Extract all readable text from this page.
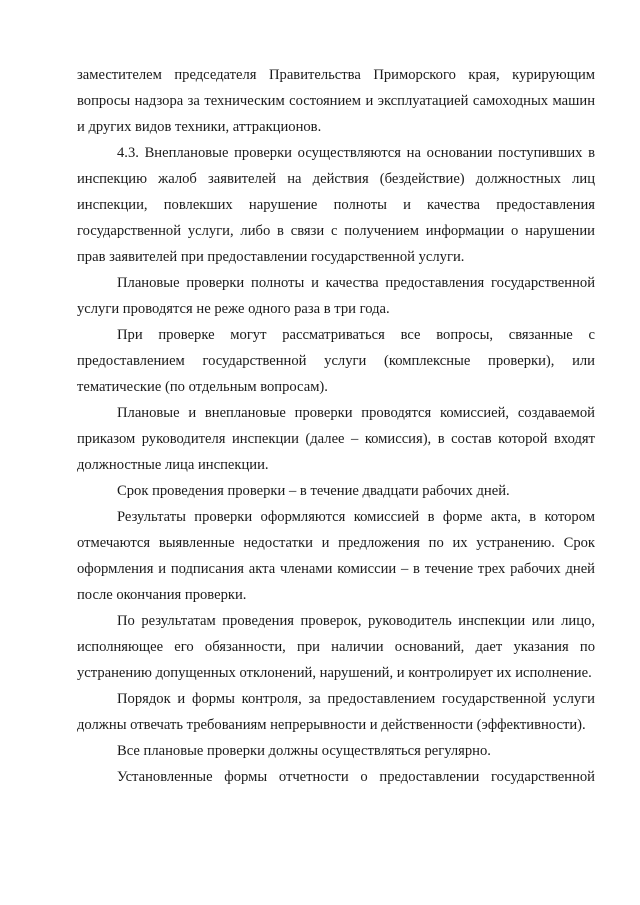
заместителем председателя Правительства Приморского края, курирующим вопросы надзора за техническим состоянием и эксплуатацией самоходных машин и других видов техники, аттракционов.

4.3. Внеплановые проверки осуществляются на основании поступивших в инспекцию жалоб заявителей на действия (бездействие) должностных лиц инспекции, повлекших нарушение полноты и качества предоставления государственной услуги, либо в связи с получением информации о нарушении прав заявителей при предоставлении государственной услуги.

Плановые проверки полноты и качества предоставления государственной услуги проводятся не реже одного раза в три года.

При проверке могут рассматриваться все вопросы, связанные с предоставлением государственной услуги (комплексные проверки), или тематические (по отдельным вопросам).

Плановые и внеплановые проверки проводятся комиссией, создаваемой приказом руководителя инспекции (далее – комиссия), в состав которой входят должностные лица инспекции.

Срок проведения проверки – в течение двадцати рабочих дней.

Результаты проверки оформляются комиссией в форме акта, в котором отмечаются выявленные недостатки и предложения по их устранению. Срок оформления и подписания акта членами комиссии – в течение трех рабочих дней после окончания проверки.

По результатам проведения проверок, руководитель инспекции или лицо, исполняющее его обязанности, при наличии оснований, дает указания по устранению допущенных отклонений, нарушений, и контролирует их исполнение.

Порядок и формы контроля, за предоставлением государственной услуги должны отвечать требованиям непрерывности и действенности (эффективности).

Все плановые проверки должны осуществляться регулярно.

Установленные формы отчетности о предоставлении государственной
